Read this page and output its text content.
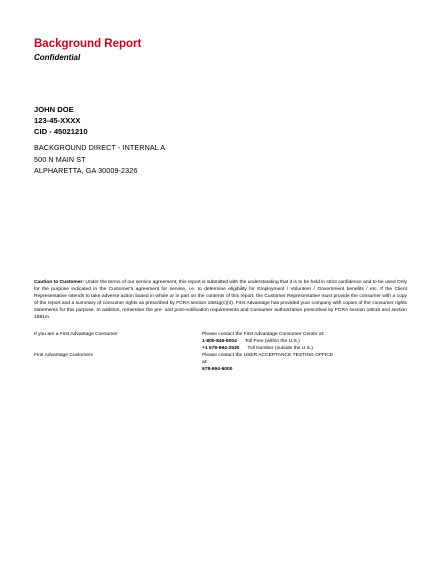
Background Report
Confidential
JOHN DOE
123-45-XXXX
CID - 45021210
BACKGROUND DIRECT - INTERNAL A
500 N MAIN ST
ALPHARETTA, GA 30009-2326
Caution to Customer: Under the terms of our service agreement, this report is submitted with the understanding that it is to be held in strict confidence and to be used Only for the purpose indicated in the Customer's agreement for service, i.e. to determine eligibility for Employment / Volunteer / Government benefits / etc. If the Client Representative intends to take adverse action based in whole or in part on the contents of this report, the Customer Representative must provide the consumer with a copy of the report and a summary of consumer rights as prescribed by FCRA section 1681g(c)(3). First Advantage has provided your company with copies of the consumer rights statements for this purpose. In addition, remember the pre- and post-notification requirements and Consumer authorization prescribed by FCRA section 1681b and section 1681m.
If you are a First Advantage Consumer	Please contact the First Advantage Consumer Center at:
1-800-845-6004 Toll Free (within the U.S.)
+1 678-694-2530 Toll Number (outside the U.S.)
First Advantage Customers	Please contact the USER ACCEPTANCE TESTING OFFICE
at:
678-694-6000
